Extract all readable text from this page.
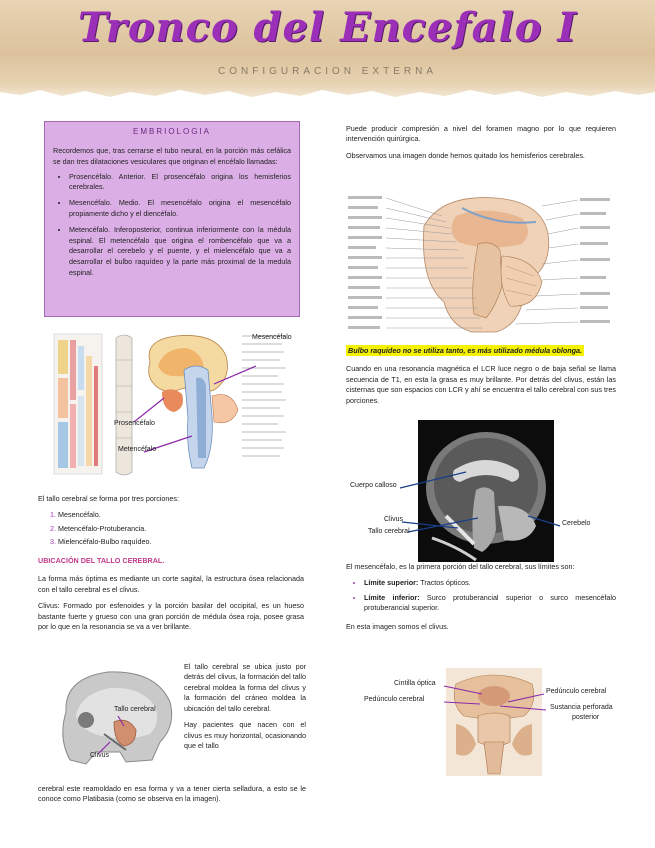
Tronco del Encefalo I
CONFIGURACION EXTERNA
EMBRIOLOGIA

Recordemos que, tras cerrarse el tubo neural, en la porción más cefálica se dan tres dilataciones vesiculares que originan el encéfalo llamadas:

• Prosencéfalo. Anterior. El prosencéfalo origina los hemisferios cerebrales.
• Mesencéfalo. Medio. El mesencéfalo origina el mesencéfalo propiamente dicho y el diencéfalo.
• Metencéfalo. Inferoposterior, continua inferiormente con la médula espinal. El metencéfalo que origina el rombencéfalo que va a desarrollar el cerebelo y el puente, y el mielencéfalo que va a desarrollar el bulbo raquídeo y la parte más proximal de la medula espinal.
Mesencéfalo
Prosencéfalo
Metencéfalo

El tallo cerebral se forma por tres porciones:

1. Mesencéfalo.
2. Metencéfalo-Protuberancia.
3. Mielencéfalo-Bulbo raquídeo.
UBICACIÓN DEL TALLO CEREBRAL.

La forma más óptima es mediante un corte sagital, la estructura ósea relacionada con el tallo cerebral es el clivus.

Clivus: Formado por esfenoides y la porción basilar del occipital, es un hueso bastante fuerte y grueso con una gran porción de médula ósea roja, posee grasa por lo que en la resonancia se va a ver brillante.

Tallo cerebral
Clivus

El tallo cerebral se ubica justo por detrás del clivus, la formación del tallo cerebral moldea la forma del clivus y la formación del cráneo moldea la ubicación del tallo cerebral.

Hay pacientes que nacen con el clivus es muy horizontal, ocasionando que el tallo

cerebral este reamoldado en esa forma y va a tener cierta selladura, a esto se le conoce como Platibasia (como se observa en la imagen).

Puede producir compresión a nivel del foramen magno por lo que requieren intervención quirúrgica.

Observamos una imagen donde hemos quitado los hemisferios cerebrales.

Bulbo raquídeo no se utiliza tanto, es más utilizado médula oblonga.

Cuando en una resonancia magnética el LCR luce negro o de baja señal se llama secuencia de T1, en esta la grasa es muy brillante. Por detrás del clivus, están las cisternas que son espacios con LCR y ahí se encuentra el tallo cerebral con sus tres porciones.

Cuerpo calloso
Clivus
Tallo cerebral
Cerebelo

El mesencéfalo, es la primera porción del tallo cerebral, sus límites son:

• Límite superior: Tractos ópticos.
• Límite inferior: Surco protuberancial superior o surco mesencéfalo protuberancial superior.

En esta imagen somos el clivus.

Cintilla óptica
Pedúnculo cerebral
Pedúnculo cerebral
Sustancia perforada
posterior
